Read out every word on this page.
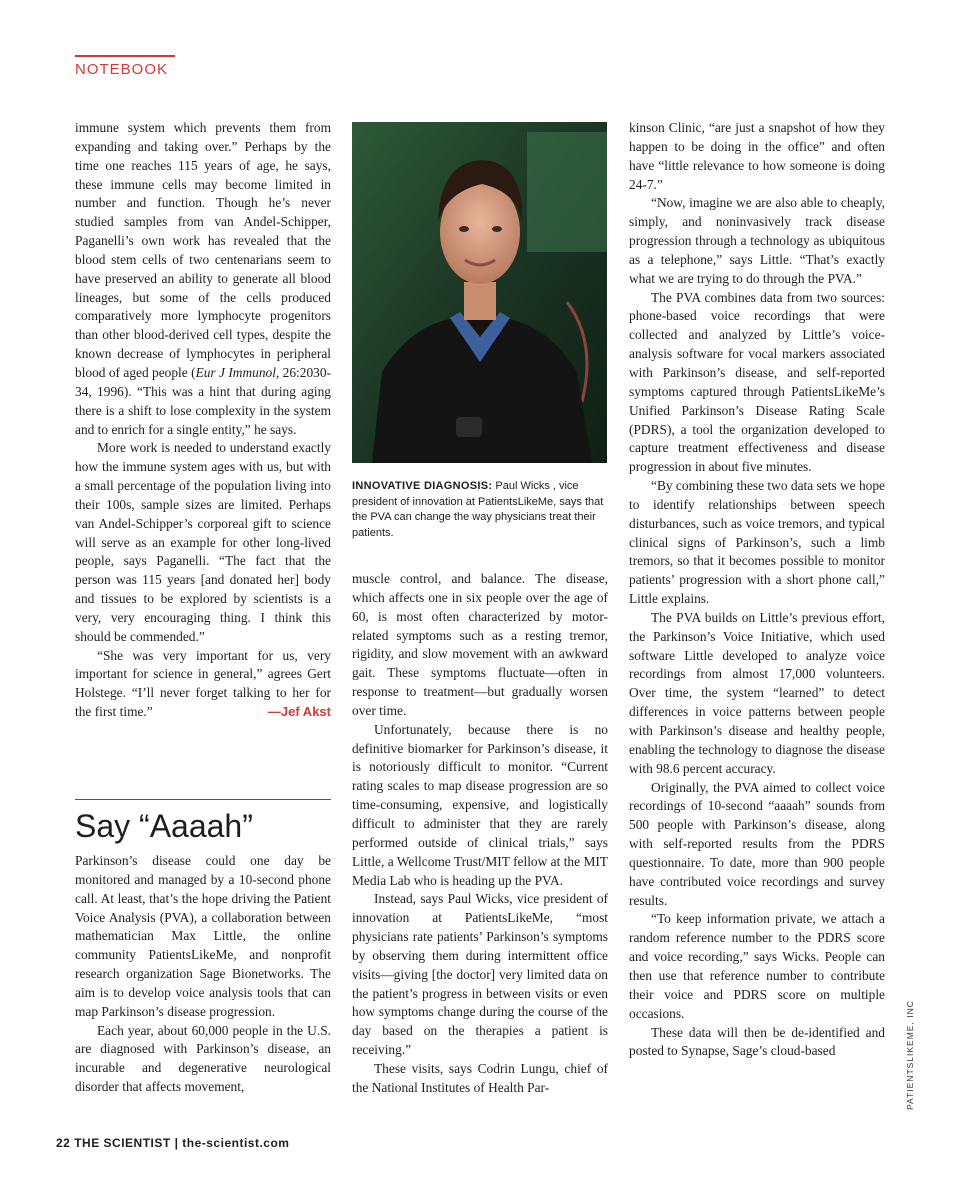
NOTEBOOK

immune system which prevents them from expanding and taking over.” Perhaps by the time one reaches 115 years of age, he says, these immune cells may become limited in number and function. Though he’s never studied samples from van Andel-Schipper, Paganelli’s own work has revealed that the blood stem cells of two centenarians seem to have preserved an ability to generate all blood lineages, but some of the cells produced comparatively more lymphocyte progenitors than other blood-derived cell types, despite the known decrease of lymphocytes in peripheral blood of aged people (Eur J Immunol, 26:2030-34, 1996). “This was a hint that during aging there is a shift to lose complexity in the system and to enrich for a single entity,” he says.

More work is needed to understand exactly how the immune system ages with us, but with a small percentage of the population living into their 100s, sample sizes are limited. Perhaps van Andel-Schipper’s corporeal gift to science will serve as an example for other long-lived people, says Paganelli. “The fact that the person was 115 years [and donated her] body and tissues to be explored by scientists is a very, very encouraging thing. I think this should be commended.”

“She was very important for us, very important for science in general,” agrees Gert Holstege. “I’ll never forget talking to her for the first time.”	—Jef Akst

Say “Aaaah”

Parkinson’s disease could one day be monitored and managed by a 10-second phone call. At least, that’s the hope driving the Patient Voice Analysis (PVA), a collaboration between mathematician Max Little, the online community PatientsLikeMe, and nonprofit research organization Sage Bionetworks. The aim is to develop voice analysis tools that can map Parkinson’s disease progression.

Each year, about 60,000 people in the U.S. are diagnosed with Parkinson’s disease, an incurable and degenerative neurological disorder that affects movement,

INNOVATIVE DIAGNOSIS: Paul Wicks , vice president of innovation at PatientsLikeMe, says that the PVA can change the way physicians treat their patients.

muscle control, and balance. The disease, which affects one in six people over the age of 60, is most often characterized by motor-related symptoms such as a resting tremor, rigidity, and slow movement with an awkward gait. These symptoms fluctuate—often in response to treatment—but gradually worsen over time.

Unfortunately, because there is no definitive biomarker for Parkinson’s disease, it is notoriously difficult to monitor. “Current rating scales to map disease progression are so time-consuming, expensive, and logistically difficult to administer that they are rarely performed outside of clinical trials,” says Little, a Wellcome Trust/MIT fellow at the MIT Media Lab who is heading up the PVA.

Instead, says Paul Wicks, vice president of innovation at PatientsLikeMe, “most physicians rate patients’ Parkinson’s symptoms by observing them during intermittent office visits—giving [the doctor] very limited data on the patient’s progress in between visits or even how symptoms change during the course of the day based on the therapies a patient is receiving.”

These visits, says Codrin Lungu, chief of the National Institutes of Health Par-

kinson Clinic, “are just a snapshot of how they happen to be doing in the office” and often have “little relevance to how someone is doing 24-7.”

“Now, imagine we are also able to cheaply, simply, and noninvasively track disease progression through a technology as ubiquitous as a telephone,” says Little. “That’s exactly what we are trying to do through the PVA.”

The PVA combines data from two sources: phone-based voice recordings that were collected and analyzed by Little’s voice-analysis software for vocal markers associated with Parkinson’s disease, and self-reported symptoms captured through PatientsLikeMe’s Unified Parkinson’s Disease Rating Scale (PDRS), a tool the organization developed to capture treatment effectiveness and disease progression in about five minutes.

“By combining these two data sets we hope to identify relationships between speech disturbances, such as voice tremors, and typical clinical signs of Parkinson’s, such a limb tremors, so that it becomes possible to monitor patients’ progression with a short phone call,” Little explains.

The PVA builds on Little’s previous effort, the Parkinson’s Voice Initiative, which used software Little developed to analyze voice recordings from almost 17,000 volunteers. Over time, the system “learned” to detect differences in voice patterns between people with Parkinson’s disease and healthy people, enabling the technology to diagnose the disease with 98.6 percent accuracy.

Originally, the PVA aimed to collect voice recordings of 10-second “aaaah” sounds from 500 people with Parkinson’s disease, along with self-reported results from the PDRS questionnaire. To date, more than 900 people have contributed voice recordings and survey results.

“To keep information private, we attach a random reference number to the PDRS score and voice recording,” says Wicks. People can then use that reference number to contribute their voice and PDRS score on multiple occasions.

These data will then be de-identified and posted to Synapse, Sage’s cloud-based	PATIENTSLIKEME, INC
22 THE SCIENTIST | the-scientist.com
